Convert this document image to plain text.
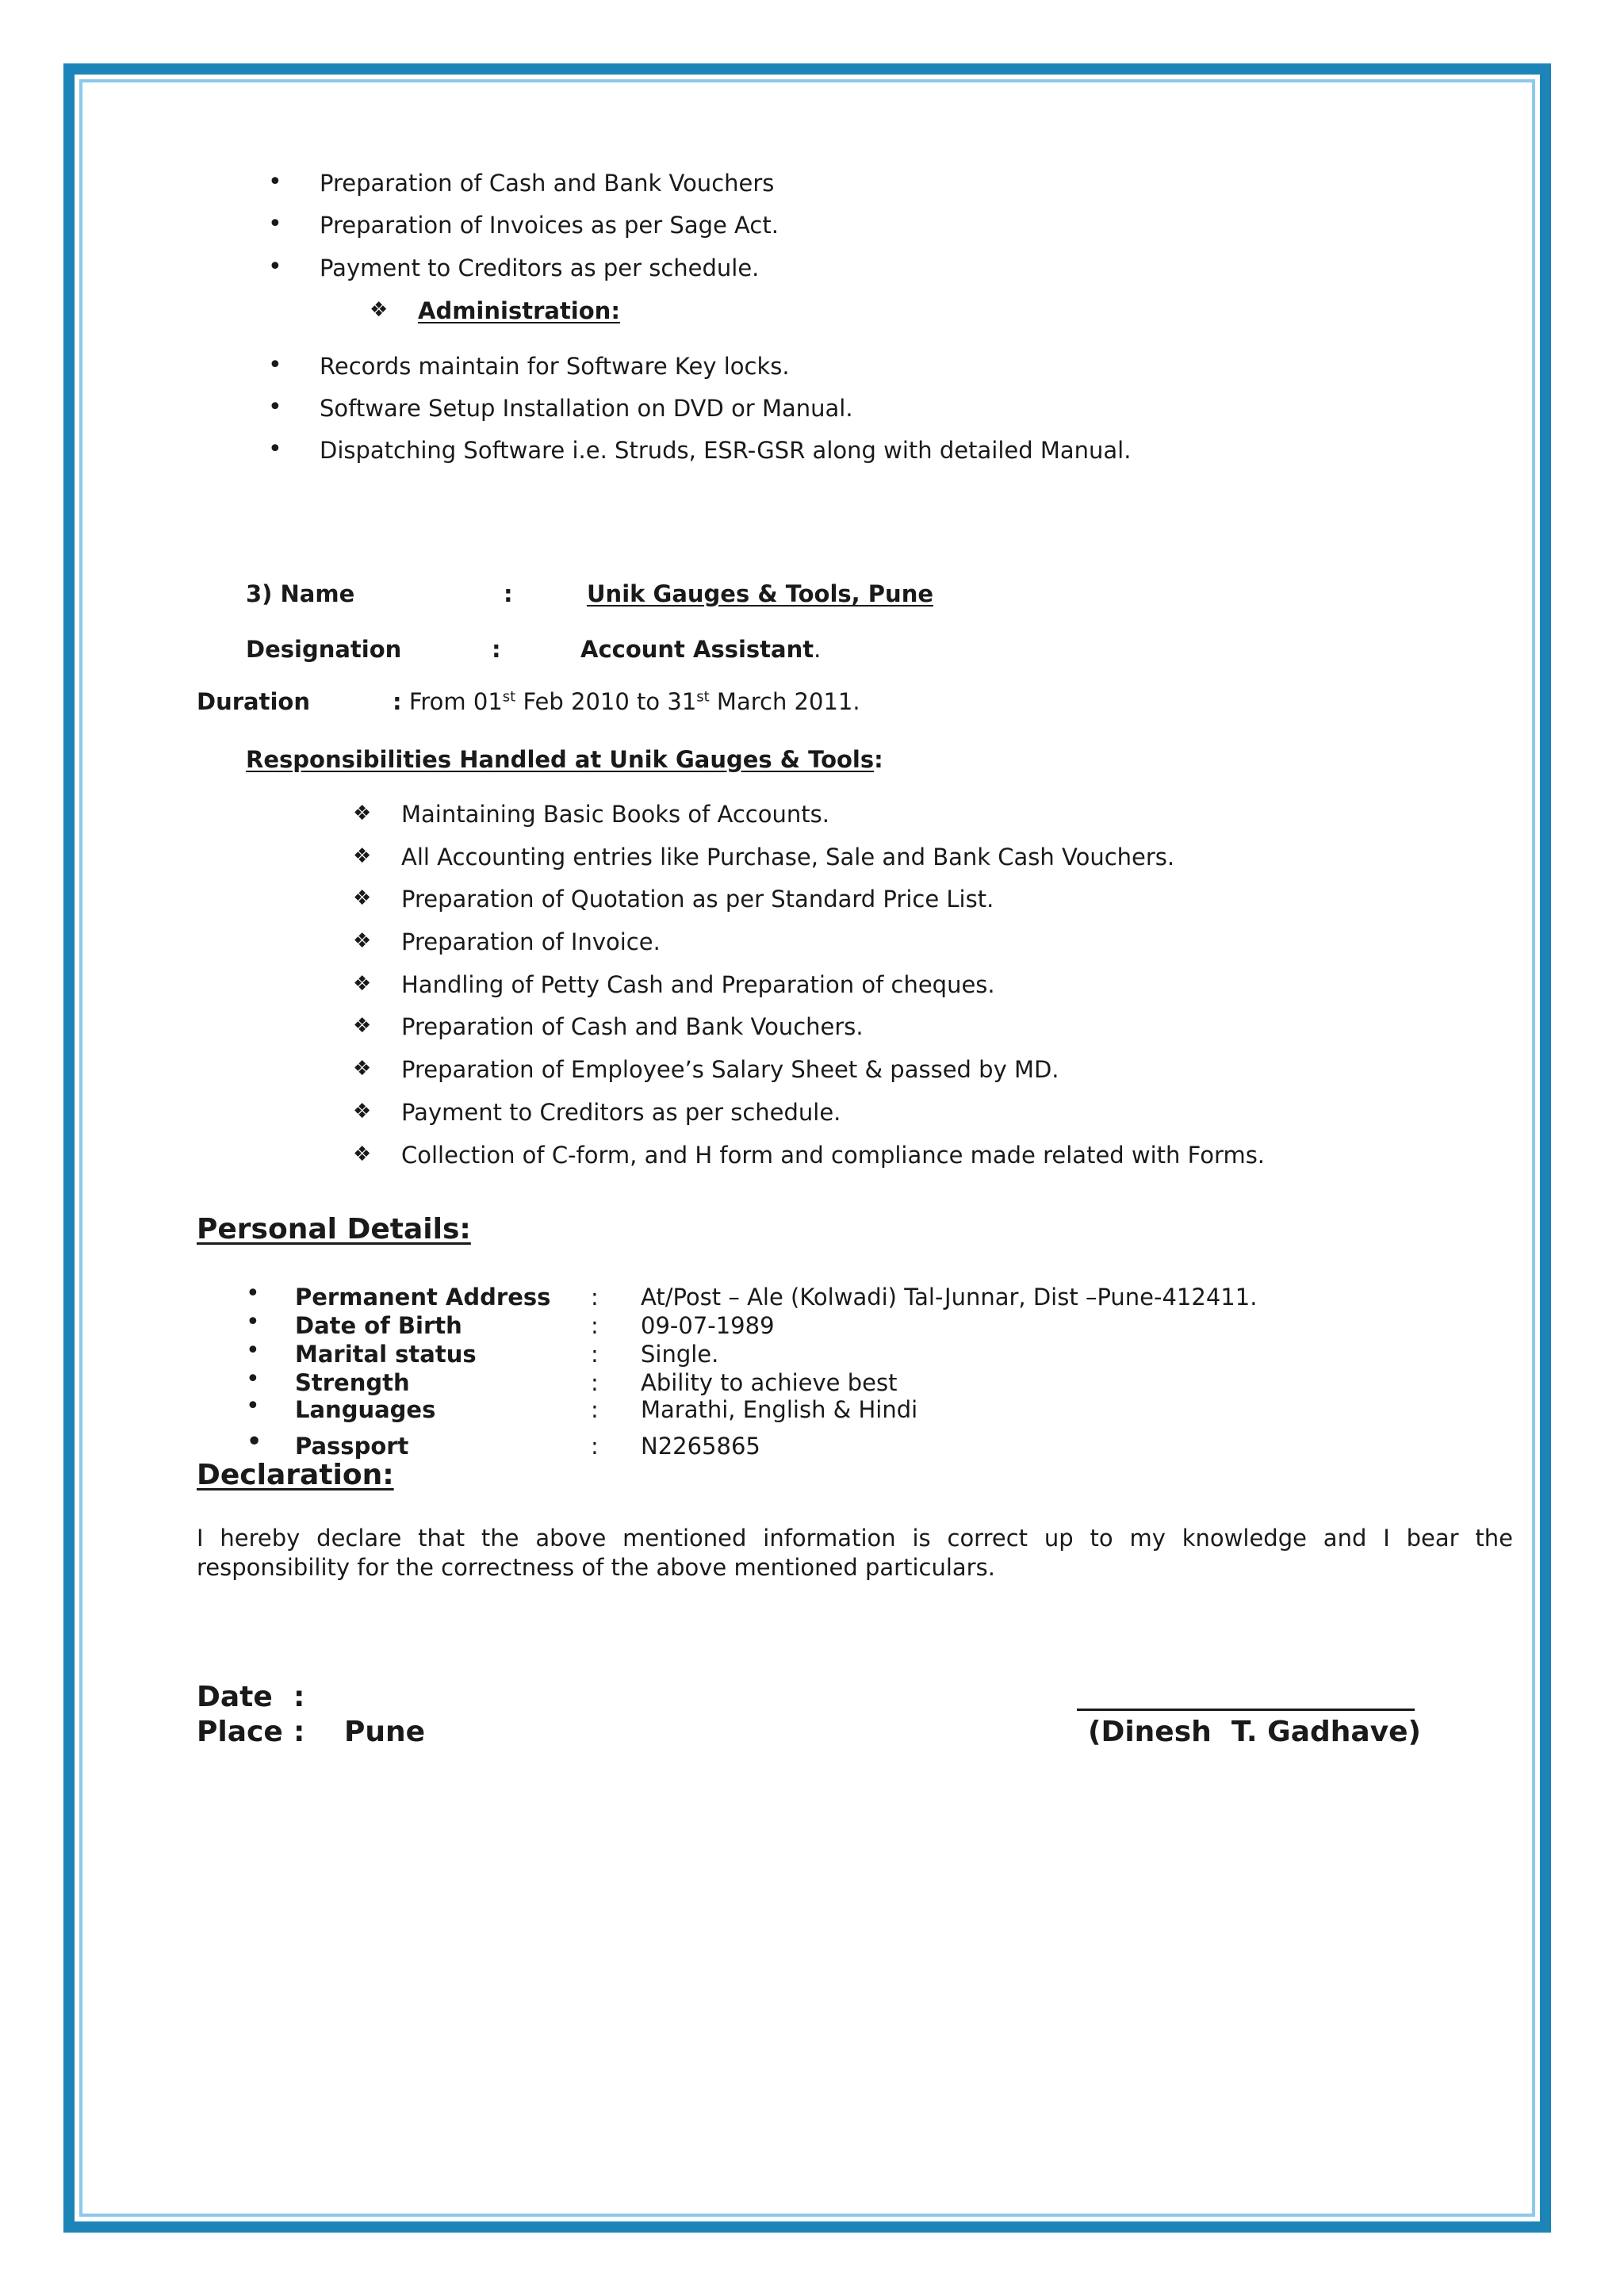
• Preparation of Cash and Bank Vouchers
• Preparation of Invoices as per Sage Act.
• Payment to Creditors as per schedule.
❖ Administration:
• Records maintain for Software Key locks.
• Software Setup Installation on DVD or Manual.
• Dispatching Software i.e. Struds, ESR-GSR along with detailed Manual.
3) Name	:	Unik Gauges & Tools, Pune
Designation	:	Account Assistant.
Duration	: From 01st Feb 2010 to 31st March 2011.
Responsibilities Handled at Unik Gauges & Tools:
❖ Maintaining Basic Books of Accounts.
❖ All Accounting entries like Purchase, Sale and Bank Cash Vouchers.
❖ Preparation of Quotation as per Standard Price List.
❖ Preparation of Invoice.
❖ Handling of Petty Cash and Preparation of cheques.
❖ Preparation of Cash and Bank Vouchers.
❖ Preparation of Employee’s Salary Sheet & passed by MD.
❖ Payment to Creditors as per schedule.
❖ Collection of C-form, and H form and compliance made related with Forms.
Personal Details:
• Permanent Address : At/Post – Ale (Kolwadi) Tal-Junnar, Dist –Pune-412411.
• Date of Birth	: 09-07-1989
• Marital status	: Single.
• Strength	: Ability to achieve best
• Languages	: Marathi, English & Hindi
• Passport	: N2265865
Declaration:
I hereby declare that the above mentioned information is correct up to my knowledge and I bear the responsibility for the correctness of the above mentioned particulars.
Date :
Place : Pune	(Dinesh  T. Gadhave)
